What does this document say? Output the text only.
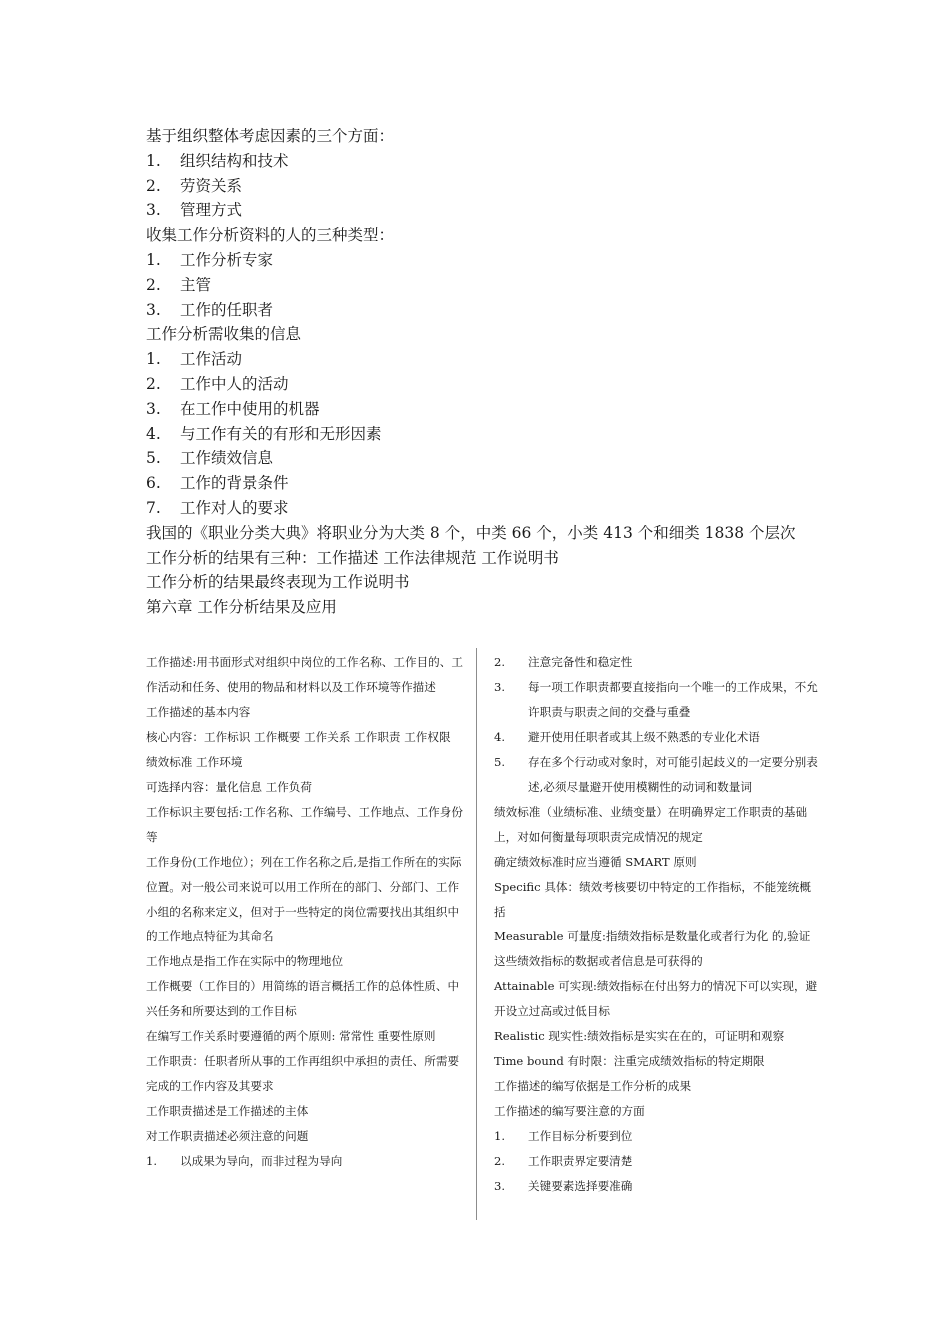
基于组织整体考虑因素的三个方面：
1. 组织结构和技术
2. 劳资关系
3. 管理方式
收集工作分析资料的人的三种类型：
1. 工作分析专家
2. 主管
3. 工作的任职者
工作分析需收集的信息
1. 工作活动
2. 工作中人的活动
3. 在工作中使用的机器
4. 与工作有关的有形和无形因素
5. 工作绩效信息
6. 工作的背景条件
7. 工作对人的要求
我国的《职业分类大典》将职业分为大类 8 个，中类 66 个，小类 413 个和细类 1838 个层次
工作分析的结果有三种：工作描述 工作法律规范 工作说明书
工作分析的结果最终表现为工作说明书
第六章 工作分析结果及应用
工作描述:用书面形式对组织中岗位的工作名称、工作目的、工作活动和任务、使用的物品和材料以及工作环境等作描述
工作描述的基本内容
核心内容：工作标识 工作概要 工作关系 工作职责 工作权限 绩效标准 工作环境
可选择内容：量化信息 工作负荷
工作标识主要包括:工作名称、工作编号、工作地点、工作身份等
工作身份(工作地位）；列在工作名称之后,是指工作所在的实际位置。对一般公司来说可以用工作所在的部门、分部门、工作小组的名称来定义，但对于一些特定的岗位需要找出其组织中的工作地点特征为其命名
工作地点是指工作在实际中的物理地位
工作概要（工作目的）用简练的语言概括工作的总体性质、中兴任务和所要达到的工作目标
在编写工作关系时要遵循的两个原则: 常常性 重要性原则
工作职责：任职者所从事的工作再组织中承担的责任、所需要完成的工作内容及其要求
工作职责描述是工作描述的主体
对工作职责描述必须注意的问题
1. 以成果为导向，而非过程为导向
2. 注意完备性和稳定性
3. 每一项工作职责都要直接指向一个唯一的工作成果，不允许职责与职责之间的交叠与重叠
4. 避开使用任职者或其上级不熟悉的专业化术语
5. 存在多个行动或对象时，对可能引起歧义的一定要分别表述,必须尽量避开使用模糊性的动词和数量词
绩效标准（业绩标准、业绩变量）在明确界定工作职责的基础上，对如何衡量每项职责完成情况的规定
确定绩效标准时应当遵循 SMART 原则
Specific 具体：绩效考核要切中特定的工作指标，不能笼统概括
Measurable 可量度:指绩效指标是数量化或者行为化 的,验证这些绩效指标的数据或者信息是可获得的
Attainable 可实现:绩效指标在付出努力的情况下可以实现，避开设立过高或过低目标
Realistic 现实性:绩效指标是实实在在的，可证明和观察
Time bound 有时限：注重完成绩效指标的特定期限
工作描述的编写依据是工作分析的成果
工作描述的编写要注意的方面
1. 工作目标分析要到位
2. 工作职责界定要清楚
3. 关键要素选择要准确
